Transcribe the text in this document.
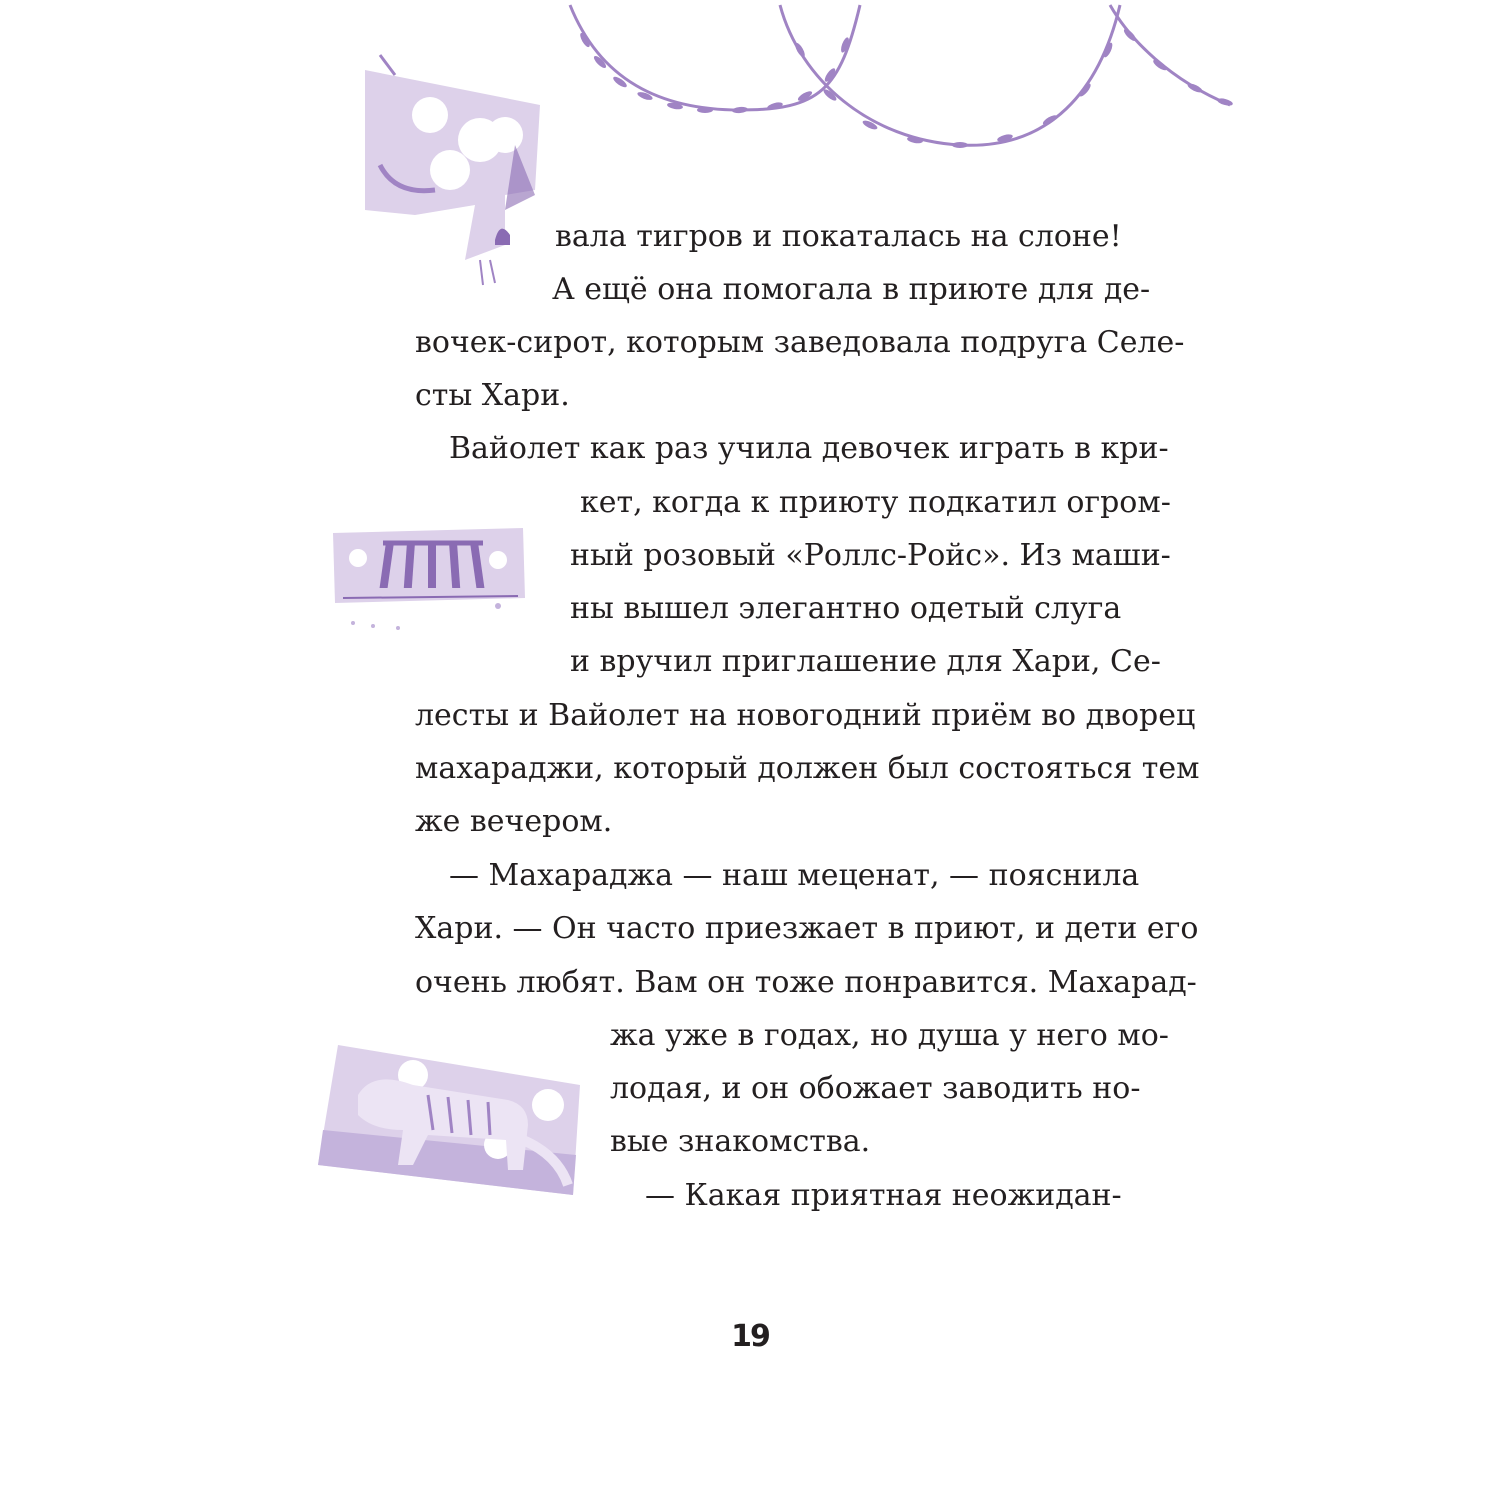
вала тигров и покаталась на слоне!
А ещё она помогала в приюте для де-
вочек-сирот, которым заведовала подруга Селе-
сты Хари.
Вайолет как раз учила девочек играть в кри-
кет, когда к приюту подкатил огром-
ный розовый «Роллс-Ройс». Из маши-
ны вышел элегантно одетый слуга
и вручил приглашение для Хари, Се-
лесты и Вайолет на новогодний приём во дворец
махараджи, который должен был состояться тем
же вечером.
— Махараджа — наш меценат, — пояснила
Хари. — Он часто приезжает в приют, и дети его
очень любят. Вам он тоже понравится. Махарад-
жа уже в годах, но душа у него мо-
лодая, и он обожает заводить но-
вые знакомства.
— Какая приятная неожидан-
19
